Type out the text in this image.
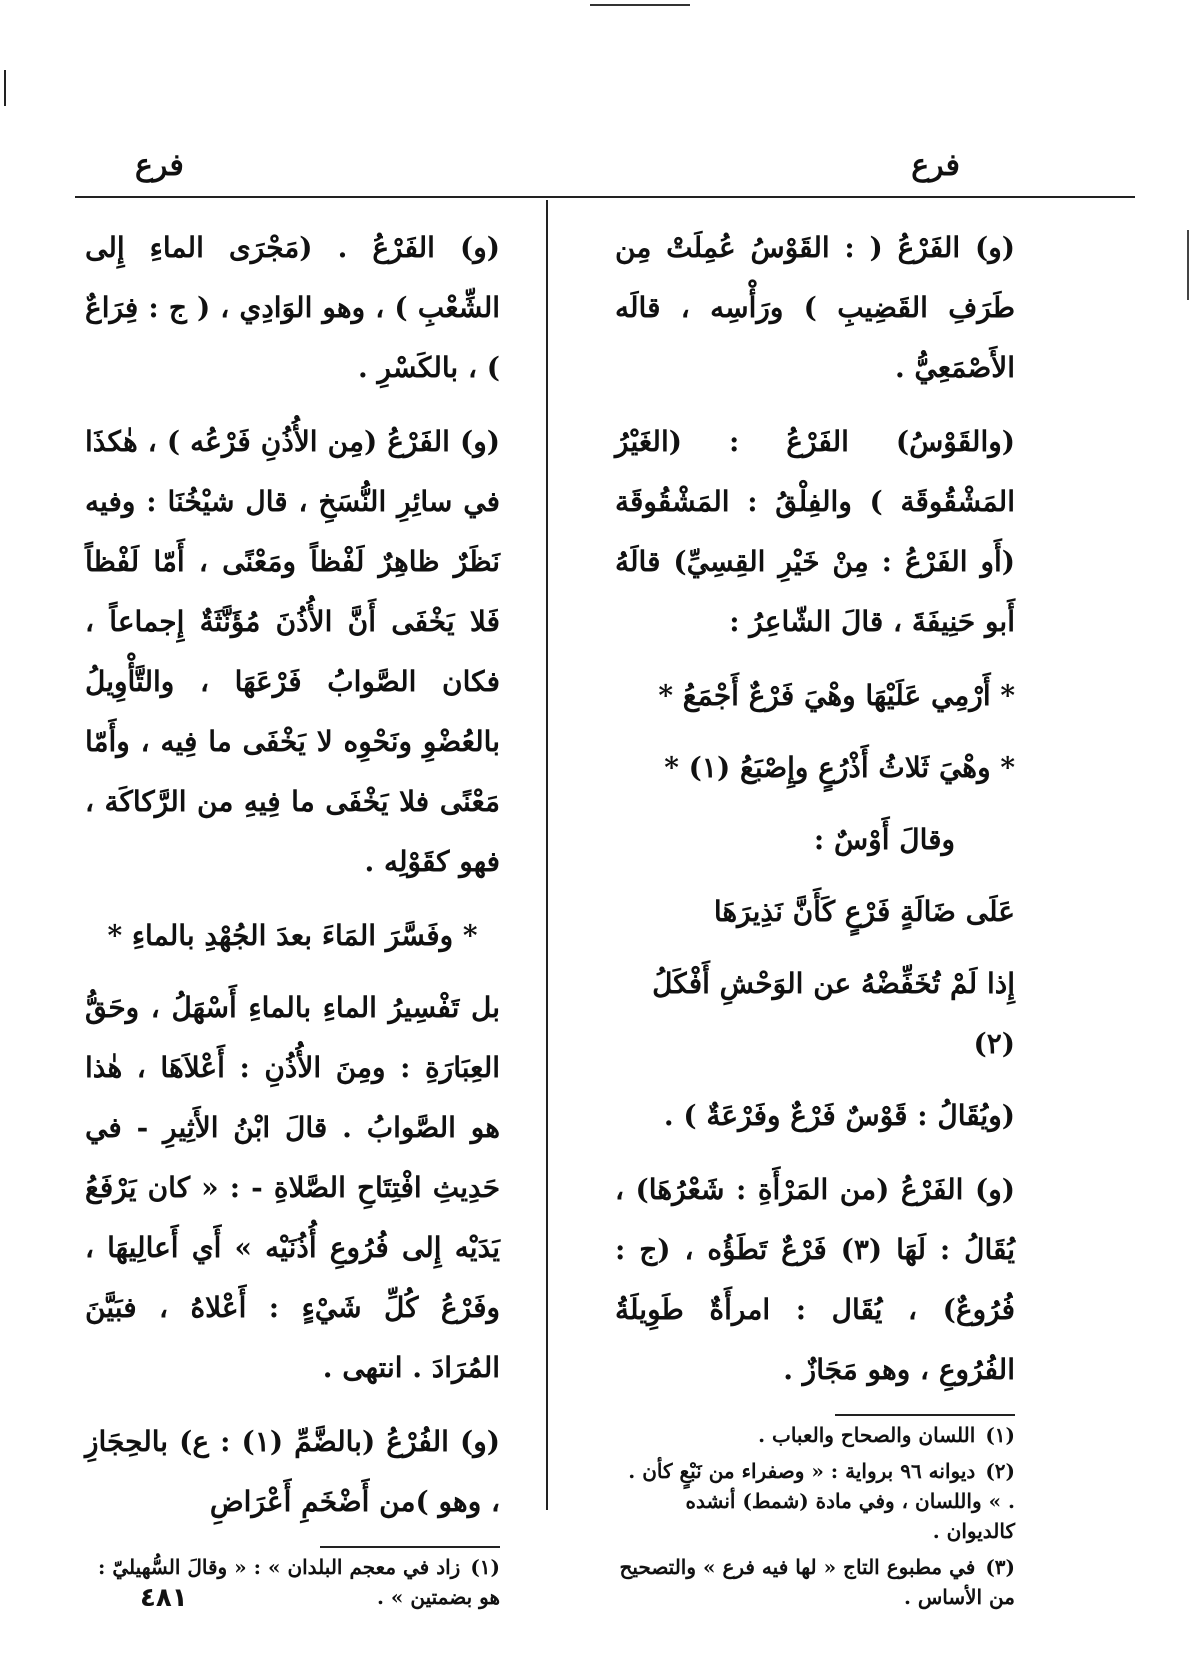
فرع
فرع

(و) الفَرْعُ ( : القَوْسُ عُمِلَتْ مِن طَرَفِ القَضِيبِ ) ورَأْسِه ، قالَه الأَصْمَعِيُّ .

(والقَوْسُ) الفَرْعُ : (الغَيْرُ المَشْقُوقَة ) والفِلْقُ : المَشْقُوقَة (أَو الفَرْعُ : مِنْ خَيْرِ القِسِيِّ) قالَهُ أَبو حَنِيفَةَ ، قالَ الشّاعِرُ :

* أَرْمِي عَلَيْهَا وهْيَ فَرْعٌ أَجْمَعُ *

* وهْيَ ثَلاثُ أَذْرُعٍ وإِصْبَعُ (١) *

وقالَ أَوْسٌ :

عَلَى ضَالَةٍ فَرْعٍ كَأَنَّ نَذِيرَهَا

إِذا لَمْ تُخَفِّضْهُ عن الوَحْشِ أَفْكَلُ (٢)

(ويُقَالُ : قَوْسٌ فَرْعٌ وفَرْعَةٌ ) .

(و) الفَرْعُ (من المَرْأَةِ : شَعْرُهَا) ، يُقَالُ : لَهَا (٣) فَرْعٌ تَطَؤُه ، (ج : فُرُوعٌ) ، يُقَال : امرأَةٌ طَوِيلَةُ الفُرُوعِ ، وهو مَجَازٌ .

(١)اللسان والصحاح والعباب .

(٢)ديوانه ٩٦ برواية : « وصفراء من نَبْعٍ كأن . . » واللسان ، وفي مادة (شمط) أنشده كالديوان .

(٣)في مطبوع التاج « لها فيه فرع » والتصحيح من الأساس .

(و) الفَرْعُ . (مَجْرَى الماءِ إِلى الشِّعْبِ ) ، وهو الوَادِي ، ( ج : فِرَاعٌ ) ، بالكَسْرِ .

(و) الفَرْعُ (مِن الأُذُنِ فَرْعُه ) ، هٰكذَا في سائِرِ النُّسَخِ ، قال شيْخُنَا : وفيه نَظَرٌ ظاهِرٌ لَفْظاً ومَعْنًى ، أَمّا لَفْظاً فَلا يَخْفَى أَنَّ الأُذُنَ مُؤَنَّثَةٌ إِجماعاً ، فكان الصَّوابُ فَرْعَهَا ، والتَّأْوِيلُ بالعُضْوِ ونَحْوِه لا يَخْفَى ما فِيه ، وأَمّا مَعْنًى فلا يَخْفَى ما فِيهِ من الرَّكاكَة ، فهو كقَوْلِه .

* وفَسَّرَ المَاءَ بعدَ الجُهْدِ بالماءِ *

بل تَفْسِيرُ الماءِ بالماءِ أَسْهَلُ ، وحَقُّ العِبَارَةِ : ومِنَ الأُذُنِ : أَعْلاَهَا ، هٰذا هو الصَّوابُ . قالَ ابْنُ الأَثِيرِ - في حَدِيثِ افْتِتَاحِ الصَّلاةِ - : « كان يَرْفَعُ يَدَيْه إِلى فُرُوعِ أُذُنَيْه » أَي أَعالِيهَا ، وفَرْعُ كُلِّ شَيْءٍ : أَعْلاهُ ، فبَيَّنَ المُرَادَ . انتهى .

(و) الفُرْعُ (بالضَّمِّ (١) : ع) بالحِجَازِ ، وهو )من أَضْخَمِ أَعْرَاضِ

(١)زاد في معجم البلدان » : « وقالَ السُّهيليّ : هو بضمتين » .

٤٨١
